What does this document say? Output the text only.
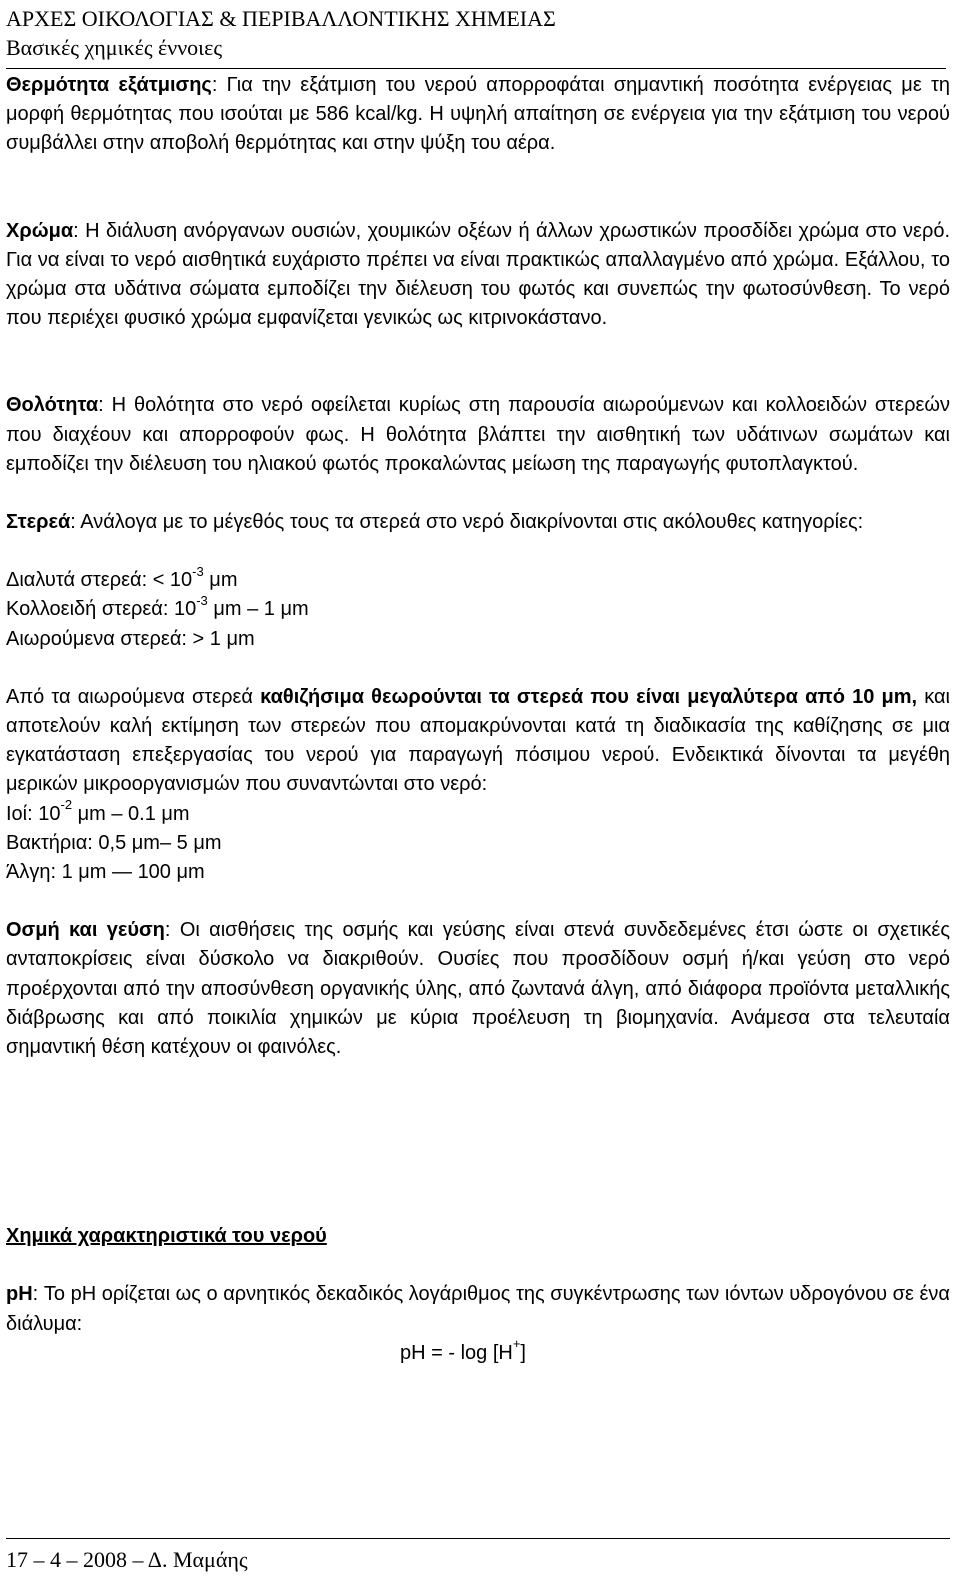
ΑΡΧΕΣ ΟΙΚΟΛΟΓΙΑΣ & ΠΕΡΙΒΑΛΛΟΝΤΙΚΗΣ ΧΗΜΕΙΑΣ
Βασικές χημικές έννοιες

Θερμότητα εξάτμισης: Για την εξάτμιση του νερού απορροφάται σημαντική ποσότητα ενέργειας με τη μορφή θερμότητας που ισούται με 586 kcal/kg. Η υψηλή απαίτηση σε ενέργεια για την εξάτμιση του νερού συμβάλλει στην αποβολή θερμότητας και στην ψύξη του αέρα.

Χρώμα: Η διάλυση ανόργανων ουσιών, χουμικών οξέων ή άλλων χρωστικών προσδίδει χρώμα στο νερό. Για να είναι το νερό αισθητικά ευχάριστο πρέπει να είναι πρακτικώς απαλλαγμένο από χρώμα. Εξάλλου, το χρώμα στα υδάτινα σώματα εμποδίζει την διέλευση του φωτός και συνεπώς την φωτοσύνθεση. Το νερό που περιέχει φυσικό χρώμα εμφανίζεται γενικώς ως κιτρινοκάστανο.

Θολότητα: Η θολότητα στο νερό οφείλεται κυρίως στη παρουσία αιωρούμενων και κολλοειδών στερεών που διαχέουν και απορροφούν φως. Η θολότητα βλάπτει την αισθητική των υδάτινων σωμάτων και εμποδίζει την διέλευση του ηλιακού φωτός προκαλώντας μείωση της παραγωγής φυτοπλαγκτού.

Στερεά: Ανάλογα με το μέγεθός τους τα στερεά στο νερό διακρίνονται στις ακόλουθες κατηγορίες:

Διαλυτά στερεά: < $10^{-3}$ μm
Κολλοειδή στερεά: $10^{-3}$ μm – 1 μm
Αιωρούμενα στερεά: > 1 μm

Από τα αιωρούμενα στερεά καθιζήσιμα θεωρούνται τα στερεά που είναι μεγαλύτερα από 10 μm, και αποτελούν καλή εκτίμηση των στερεών που απομακρύνονται κατά τη διαδικασία της καθίζησης σε μια εγκατάσταση επεξεργασίας του νερού για παραγωγή πόσιμου νερού. Ενδεικτικά δίνονται τα μεγέθη μερικών μικροοργανισμών που συναντώνται στο νερό:

Ιοί: $10^{-2}$ μm – 0.1 μm
Βακτήρια: 0,5 μm– 5 μm
Άλγη: 1 μm — 100 μm

Οσμή και γεύση: Οι αισθήσεις της οσμής και γεύσης είναι στενά συνδεδεμένες έτσι ώστε οι σχετικές ανταποκρίσεις είναι δύσκολο να διακριθούν. Ουσίες που προσδίδουν οσμή ή/και γεύση στο νερό προέρχονται από την αποσύνθεση οργανικής ύλης, από ζωντανά άλγη, από διάφορα προϊόντα μεταλλικής διάβρωσης και από ποικιλία χημικών με κύρια προέλευση τη βιομηχανία. Ανάμεσα στα τελευταία σημαντική θέση κατέχουν οι φαινόλες.

Χημικά χαρακτηριστικά του νερού

pH: Το pH ορίζεται ως ο αρνητικός δεκαδικός λογάριθμος της συγκέντρωσης των ιόντων υδρογόνου σε ένα διάλυμα:

pH = - log [H+]
17 – 4 – 2008 – Δ. Μαμάης
